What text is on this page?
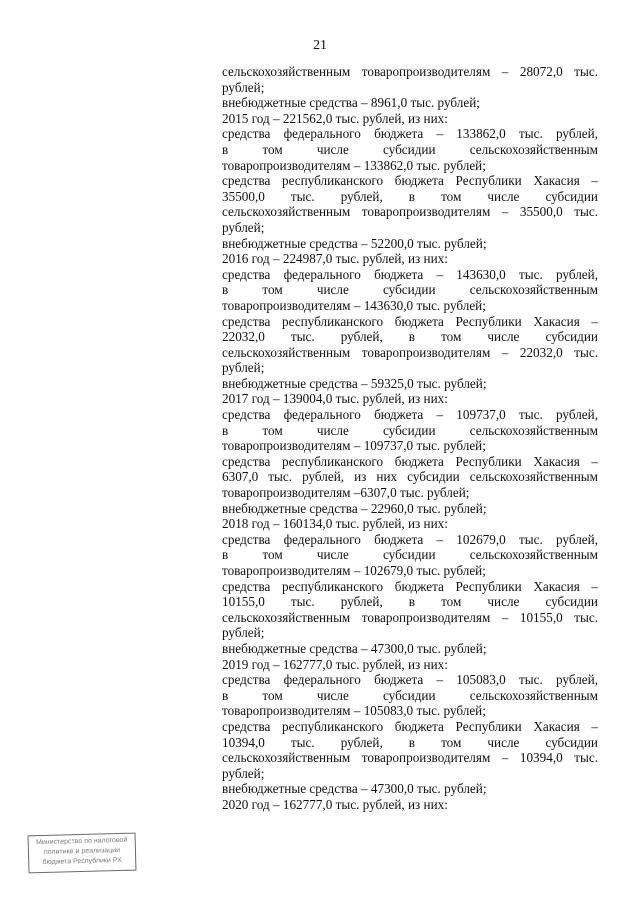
21
сельскохозяйственным товаропроизводителям – 28072,0 тыс.
рублей;
внебюджетные средства – 8961,0 тыс. рублей;
2015 год – 221562,0 тыс. рублей, из них:
средства федерального бюджета – 133862,0 тыс. рублей,
в том числе субсидии сельскохозяйственным
товаропроизводителям – 133862,0 тыс. рублей;
средства республиканского бюджета Республики Хакасия –
35500,0 тыс. рублей, в том числе субсидии
сельскохозяйственным товаропроизводителям – 35500,0 тыс.
рублей;
внебюджетные средства – 52200,0 тыс. рублей;
2016 год – 224987,0 тыс. рублей, из них:
средства федерального бюджета – 143630,0 тыс. рублей,
в том числе субсидии сельскохозяйственным
товаропроизводителям – 143630,0 тыс. рублей;
средства республиканского бюджета Республики Хакасия –
22032,0 тыс. рублей, в том числе субсидии
сельскохозяйственным товаропроизводителям – 22032,0 тыс.
рублей;
внебюджетные средства – 59325,0 тыс. рублей;
2017 год – 139004,0 тыс. рублей, из них:
средства федерального бюджета – 109737,0 тыс. рублей,
в том числе субсидии сельскохозяйственным
товаропроизводителям – 109737,0 тыс. рублей;
средства республиканского бюджета Республики Хакасия –
6307,0 тыс. рублей, из них субсидии сельскохозяйственным
товаропроизводителям –6307,0 тыс. рублей;
внебюджетные средства – 22960,0 тыс. рублей;
2018 год – 160134,0 тыс. рублей, из них:
средства федерального бюджета – 102679,0 тыс. рублей,
в том числе субсидии сельскохозяйственным
товаропроизводителям – 102679,0 тыс. рублей;
средства республиканского бюджета Республики Хакасия –
10155,0 тыс. рублей, в том числе субсидии
сельскохозяйственным товаропроизводителям – 10155,0 тыс.
рублей;
внебюджетные средства – 47300,0 тыс. рублей;
2019 год – 162777,0 тыс. рублей, из них:
средства федерального бюджета – 105083,0 тыс. рублей,
в том числе субсидии сельскохозяйственным
товаропроизводителям – 105083,0 тыс. рублей;
средства республиканского бюджета Республики Хакасия –
10394,0 тыс. рублей, в том числе субсидии
сельскохозяйственным товаропроизводителям – 10394,0 тыс.
рублей;
внебюджетные средства – 47300,0 тыс. рублей;
2020 год – 162777,0 тыс. рублей, из них:
Министерство по налоговой
политике и реализации
бюджета Республики РХ
